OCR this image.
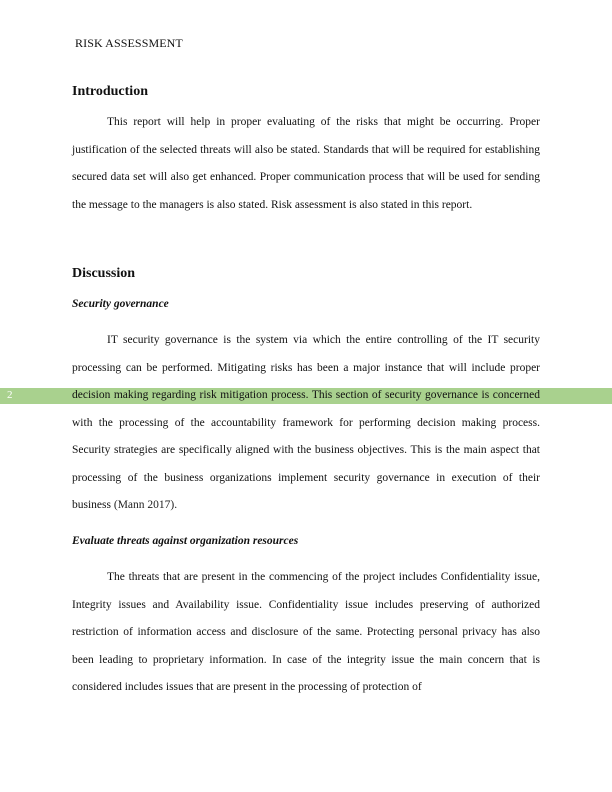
2
RISK ASSESSMENT
Introduction

This report will help in proper evaluating of the risks that might be occurring. Proper justification of the selected threats will also be stated. Standards that will be required for establishing secured data set will also get enhanced. Proper communication process that will be used for sending the message to the managers is also stated. Risk assessment is also stated in this report.

Discussion
Security governance

IT security governance is the system via which the entire controlling of the IT security processing can be performed. Mitigating risks has been a major instance that will include proper decision making regarding risk mitigation process. This section of security governance is concerned with the processing of the accountability framework for performing decision making process. Security strategies are specifically aligned with the business objectives. This is the main aspect that processing of the business organizations implement security governance in execution of their business (Mann 2017).

Evaluate threats against organization resources

The threats that are present in the commencing of the project includes Confidentiality issue, Integrity issues and Availability issue. Confidentiality issue includes preserving of authorized restriction of information access and disclosure of the same. Protecting personal privacy has also been leading to proprietary information. In case of the integrity issue the main concern that is considered includes issues that are present in the processing of protection of
